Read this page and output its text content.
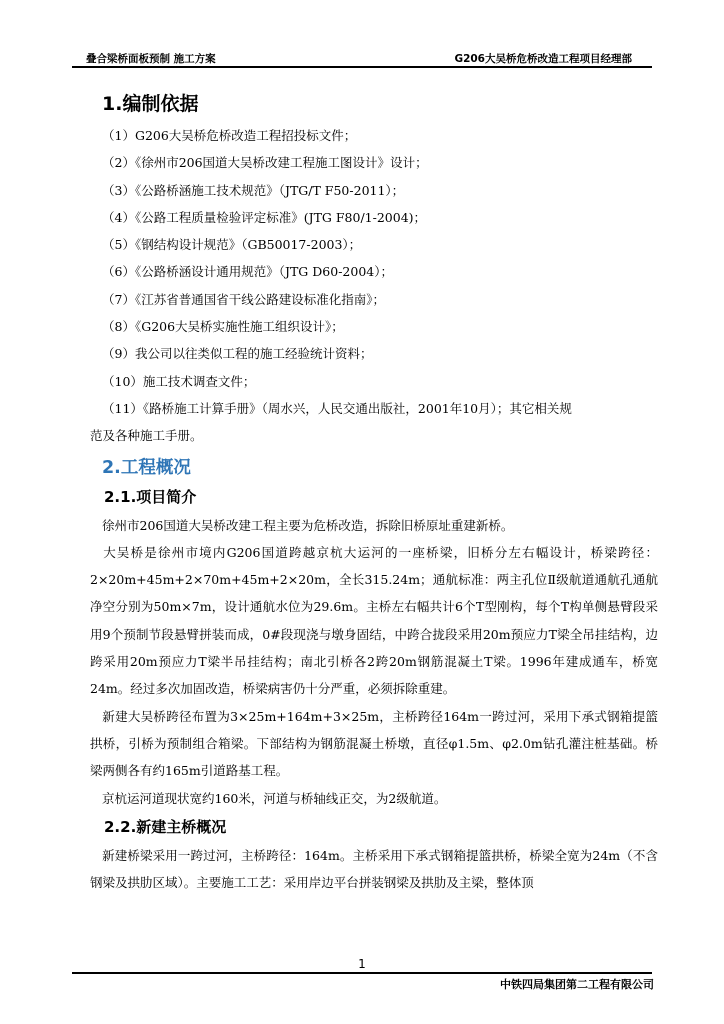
叠合梁桥面板预制 施工方案	G206大吴桥危桥改造工程项目经理部
1.编制依据
（1）G206大吴桥危桥改造工程招投标文件；
（2）《徐州市206国道大吴桥改建工程施工图设计》设计；
（3）《公路桥涵施工技术规范》（JTG/T F50-2011）；
（4）《公路工程质量检验评定标准》(JTG F80/1-2004)；
（5）《钢结构设计规范》（GB50017-2003）；
（6）《公路桥涵设计通用规范》（JTG D60-2004）；
（7）《江苏省普通国省干线公路建设标准化指南》；
（8）《G206大吴桥实施性施工组织设计》；
（9）我公司以往类似工程的施工经验统计资料；
（10）施工技术调查文件；
（11）《路桥施工计算手册》（周水兴，人民交通出版社，2001年10月）；其它相关规
范及各种施工手册。
2.工程概况
2.1.项目简介
徐州市206国道大吴桥改建工程主要为危桥改造，拆除旧桥原址重建新桥。
大吴桥是徐州市境内G206国道跨越京杭大运河的一座桥梁，旧桥分左右幅设计，桥梁跨径：2×20m+45m+2×70m+45m+2×20m，全长315.24m；通航标准：两主孔位Ⅱ级航道通航孔通航净空分别为50m×7m，设计通航水位为29.6m。主桥左右幅共计6个T型刚构，每个T构单侧悬臂段采用9个预制节段悬臂拼装而成，0#段现浇与墩身固结，中跨合拢段采用20m预应力T梁全吊挂结构，边跨采用20m预应力T梁半吊挂结构；南北引桥各2跨20m钢筋混凝土T梁。1996年建成通车，桥宽24m。经过多次加固改造，桥梁病害仍十分严重，必须拆除重建。
新建大吴桥跨径布置为3×25m+164m+3×25m，主桥跨径164m一跨过河，采用下承式钢箱提篮拱桥，引桥为预制组合箱梁。下部结构为钢筋混凝土桥墩，直径φ1.5m、φ2.0m钻孔灌注桩基础。桥梁两侧各有约165m引道路基工程。
京杭运河道现状宽约160米，河道与桥轴线正交，为2级航道。
2.2.新建主桥概况
新建桥梁采用一跨过河，主桥跨径：164m。主桥采用下承式钢箱提篮拱桥，桥梁全宽为24m（不含钢梁及拱肋区域）。主要施工工艺：采用岸边平台拼装钢梁及拱肋及主梁，整体顶
1
中铁四局集团第二工程有限公司
